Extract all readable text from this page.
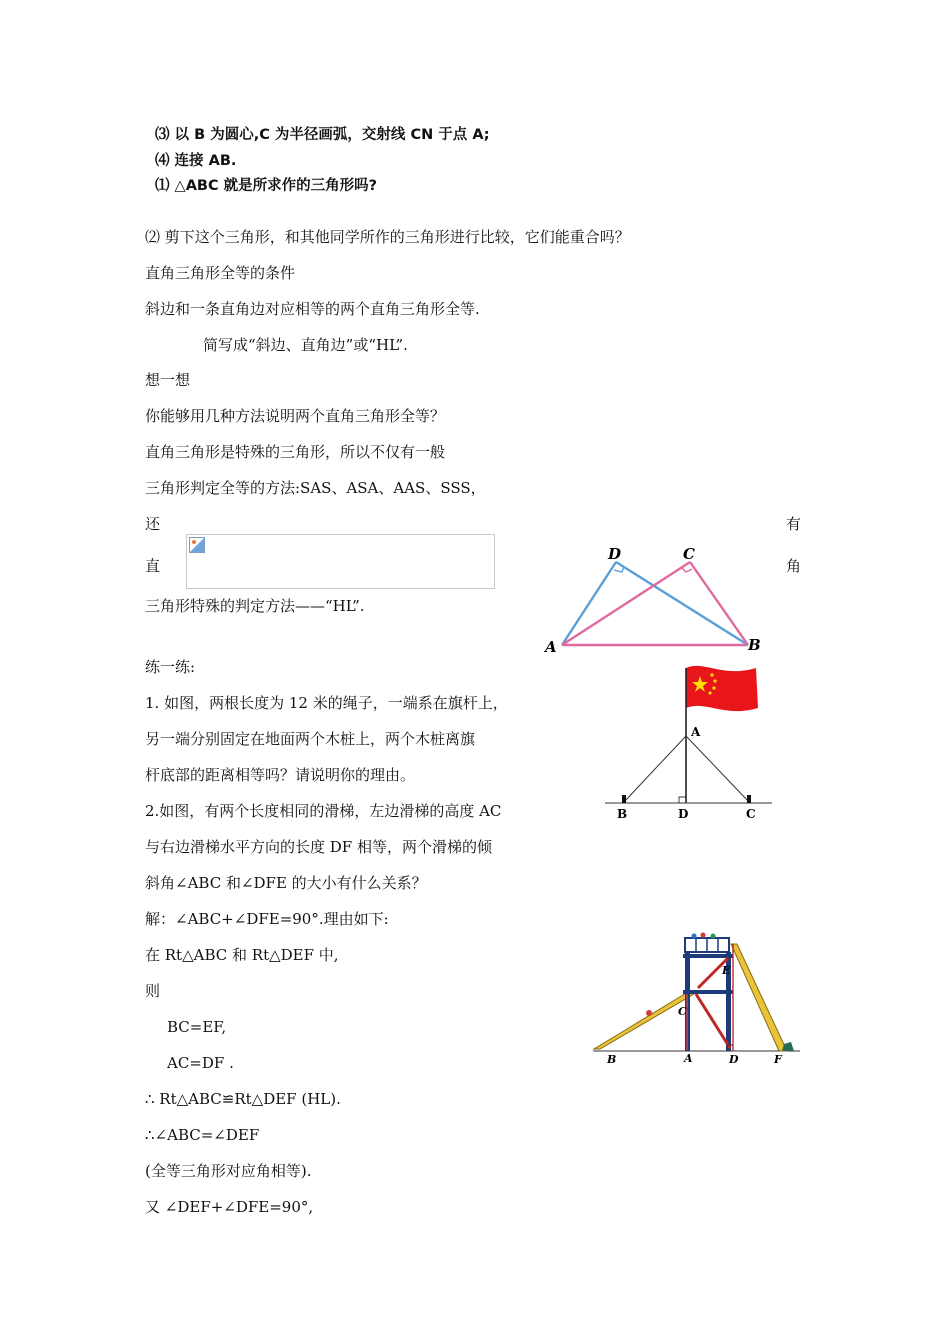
⑶ 以 B 为圆心,C 为半径画弧，交射线 CN 于点 A;
⑷ 连接 AB.
⑴ △ABC 就是所求作的三角形吗?
⑵ 剪下这个三角形，和其他同学所作的三角形进行比较，它们能重合吗？
直角三角形全等的条件
斜边和一条直角边对应相等的两个直角三角形全等.
简写成“斜边、直角边”或“HL”.
想一想
你能够用几种方法说明两个直角三角形全等？
直角三角形是特殊的三角形，所以不仅有一般
三角形判定全等的方法:SAS、ASA、AAS、SSS，
还	有
直	角
三角形特殊的判定方法——“HL”.
练一练:
1. 如图，两根长度为 12 米的绳子，一端系在旗杆上，
另一端分别固定在地面两个木桩上，两个木桩离旗
杆底部的距离相等吗？请说明你的理由。
2.如图，有两个长度相同的滑梯，左边滑梯的高度 AC
与右边滑梯水平方向的长度 DF 相等，两个滑梯的倾
斜角∠ABC 和∠DFE 的大小有什么关系？
解：∠ABC+∠DFE=90°.理由如下:
在 Rt△ABC 和 Rt△DEF 中,
则
BC=EF,
AC=DF .
∴ Rt△ABC≌Rt△DEF (HL).
∴∠ABC=∠DEF
(全等三角形对应角相等).
又 ∠DEF+∠DFE=90°,
A	B
C
D
A
B	C
D
B	A	D	F
C
E
